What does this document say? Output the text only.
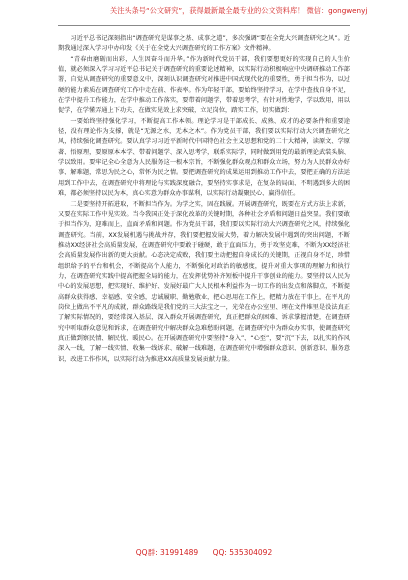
关注头条号“公文研究”，获得最新最全最专业的公文资料库！ 微信：gongwenyj

习近平总书记深刻指出“调查研究是谋事之基、成事之道”，多次强调“要在全党大兴调查研究之风”。近期我通过深入学习中办印发《关于在全党大兴调查研究的工作方案》文件精神。

“青春由磨砺而出彩，人生因奋斗而升华。”作为新时代党员干部，我们要想更好的实现自己的人生价值，就必须深入学习习近平总书记关于调查研究的重要论述精神，以实际行动积极响应中央调研推动工作部署，自觉从调查研究的重要意义中，深刻认识调查研究对推进中国式现代化的重要性，勇于担当作为，以过硬的能力素质在调查研究工作中走在前、作表率。作为年轻干部，要始终坚持学习，在学中查找自身不足，在学中提升工作能力，在学中推动工作落实，要带着问题学，带着思考学，有针对性地学，学以致用，用以促学，在学懂弄通上下功夫，在做实见效上求突破，立足岗位，踏实工作，切实做到：

一要始终坚持强化学习，不断提高工作本领。理论学习是干部成长、成熟、成才的必要条件和重要途径，没有理论作为支撑，就是“无源之水，无本之木”。作为党员干部，我们要以实际行动大兴调查研究之风，持续强化调查研究。要认真学习习近平新时代中国特色社会主义思想和党的二十大精神，读原文、学原著、悟原理，要原原本本学、带着问题学、深入思考学，联系实际学，同时做到用党的最新理论武装头脑、学以致用。要牢记全心全意为人民服务这一根本宗旨，不断强化群众观点和群众立场，努力为人民群众办好事、解难题，常思为民之心，常怀为民之情。要把调查研究的成果运用到推动工作中去，要把正确的方法运用到工作中去，在调查研究中将理论与实践深度融合，要坚持实事求是，在复杂的局面、不明遇到多大的困难，都必须坚持以民为本，真心实意为群众办事谋利，以实际行动凝聚民心、赢得信任。

二是要坚持开拓进取，不断担当作为。为学之实，固在践履。开展调查研究，既要在方式方法上求新，又要在实际工作中见实效。当今我国正处于深化改革的关键时期，各种社会矛盾和问题日益突显。我们要敢于担当作为，迎难而上，直面矛盾和问题。作为党员干部，我们要以实际行动大兴调查研究之风，持续强化调查研究。当前，XX发展机遇与挑战并存，我们要把握发展大势，着力解决发展中遇到的突出问题，不断推动XX经济社会高质量发展，在调查研究中要敢于碰硬，敢于直面压力，勇于攻坚克难，不断为XX经济社会高质量发展作出新的更大贡献。心态决定成败，我们要主动把握自身成长的关键期，正视自身不足，珍惜组织给予的平台和机会，不断提高个人能力，不断强化对政治的敏感度，提升对重大事项的理解力和执行力，在调查研究实践中提高把握全局的能力，在发挥优势补齐短板中提升干事创业的能力。要坚持以人民为中心的发展思想，把实现好、维护好、发展好最广大人民根本利益作为一切工作的出发点和落脚点，不断提高群众获得感、幸福感、安全感，忠诚履职、勤勉敬业，把心思用在工作上，把精力放在干事上，在平凡的岗位上做出不平凡的成就，群众路线是我们党的三大法宝之一，光荣在办公室里、埋在文件堆里是没法真正了解实际情况的，要经常深入基层、深入群众开展调查研究，真正把群众的困难、诉求掌握清楚，在调查研究中听取群众意见和诉求，在调查研究中解决群众急难愁盼问题，在调查研究中为群众办实事，使调查研究真正做到察民情、解民忧、暖民心。在开展调查研究中要坚持“身入”、“心至”，要“沉”下去，以扎实的作风深入一线，了解一线实情、收集一线诉求、破解一线难题，在调查研究中增强群众意识、创新意识、服务意识，改进工作作风，以实际行动为推进XX高质量发展贡献力量。

QQ群: 31991489 QQ: 535304092
